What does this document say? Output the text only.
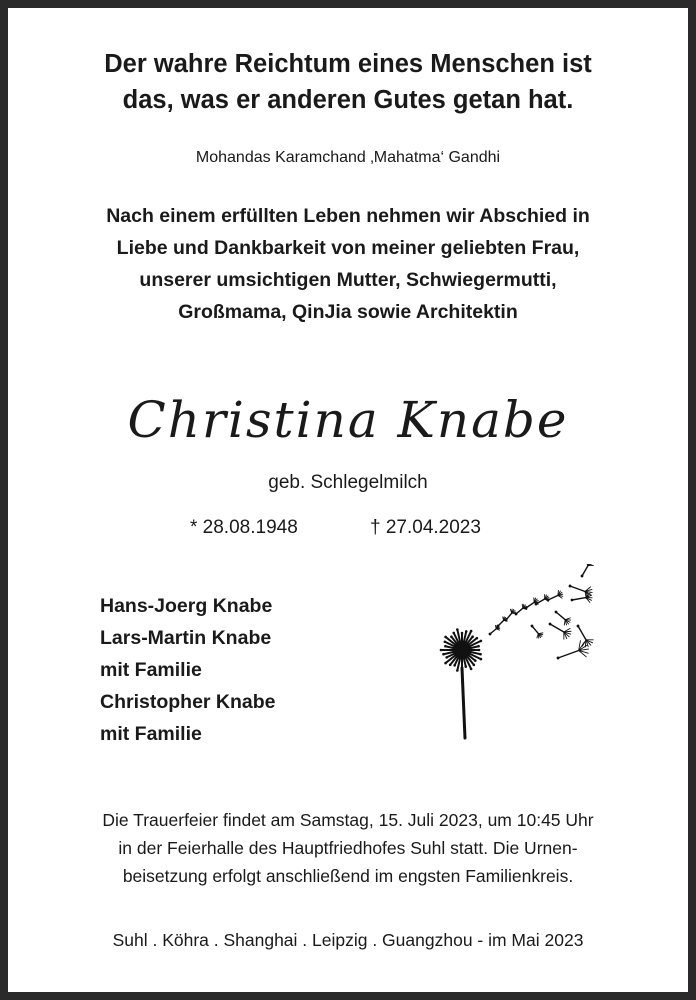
Der wahre Reichtum eines Menschen ist
das, was er anderen Gutes getan hat.
Mohandas Karamchand ‚Mahatma‘ Gandhi
Nach einem erfüllten Leben nehmen wir Abschied in
Liebe und Dankbarkeit von meiner geliebten Frau,
unserer umsichtigen Mutter, Schwiegermutti,
Großmama, QinJia sowie Architektin
Christina Knabe
geb. Schlegelmilch
* 28.08.1948	† 27.04.2023
Hans-Joerg Knabe
Lars-Martin Knabe
mit Familie
Christopher Knabe
mit Familie
Die Trauerfeier findet am Samstag, 15. Juli 2023, um 10:45 Uhr
in der Feierhalle des Hauptfriedhofes Suhl statt. Die Urnen-
beisetzung erfolgt anschließend im engsten Familienkreis.
Suhl . Köhra . Shanghai . Leipzig . Guangzhou - im Mai 2023
